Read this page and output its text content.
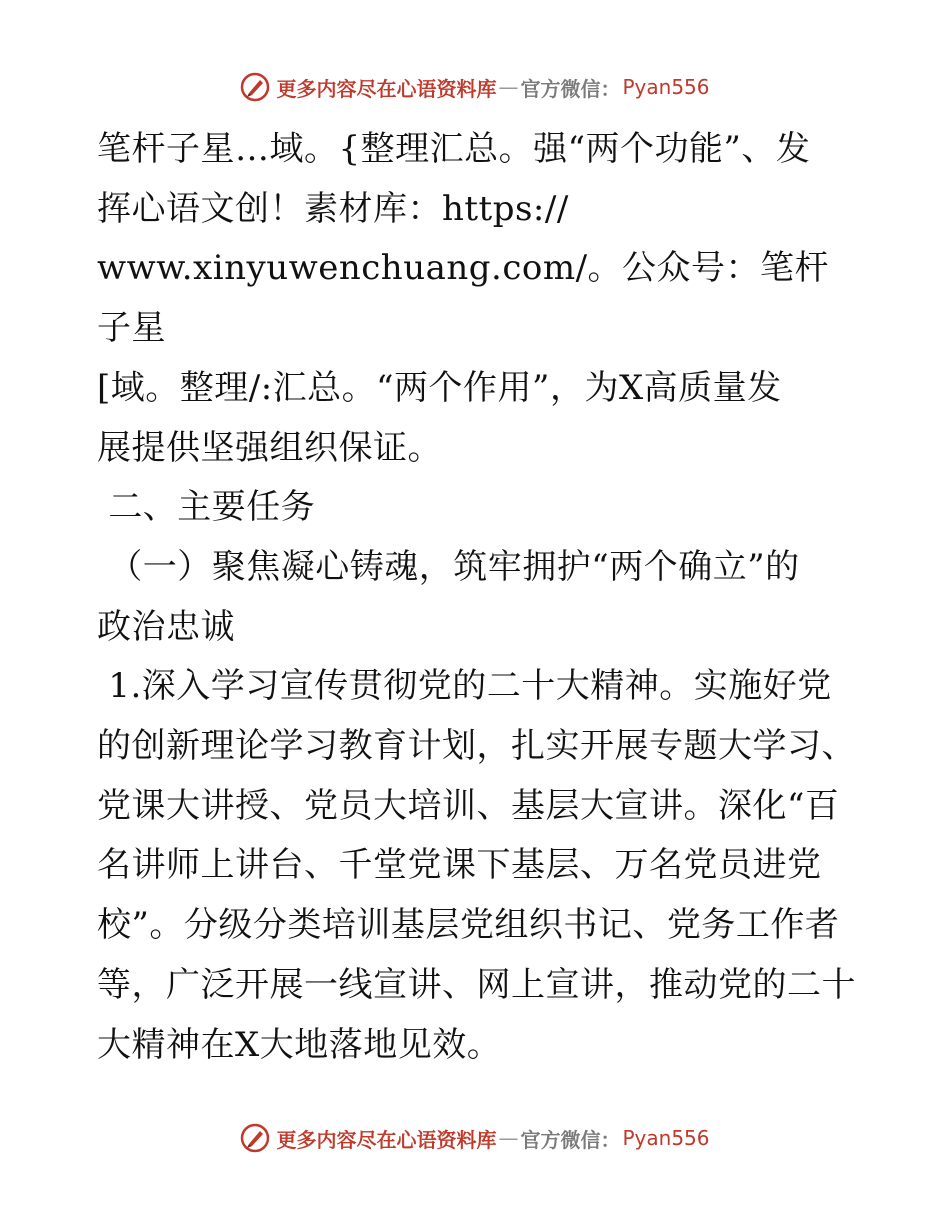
更多内容尽在心语资料库 — 官方微信： Pyan556

笔杆子星…域。{整理汇总。强“两个功能”、发

挥心语文创！素材库：https://

www.xinyuwenchuang.com/。公众号：笔杆子星

[域。整理/:汇总。“两个作用”，为X高质量发

展提供坚强组织保证。

二、主要任务

（一）聚焦凝心铸魂，筑牢拥护“两个确立”的

政治忠诚

1.深入学习宣传贯彻党的二十大精神。实施好党

的创新理论学习教育计划，扎实开展专题大学习、

党课大讲授、党员大培训、基层大宣讲。深化“百

名讲师上讲台、千堂党课下基层、万名党员进党

校”。分级分类培训基层党组织书记、党务工作者

等，广泛开展一线宣讲、网上宣讲，推动党的二十

大精神在X大地落地见效。

更多内容尽在心语资料库 — 官方微信： Pyan556
